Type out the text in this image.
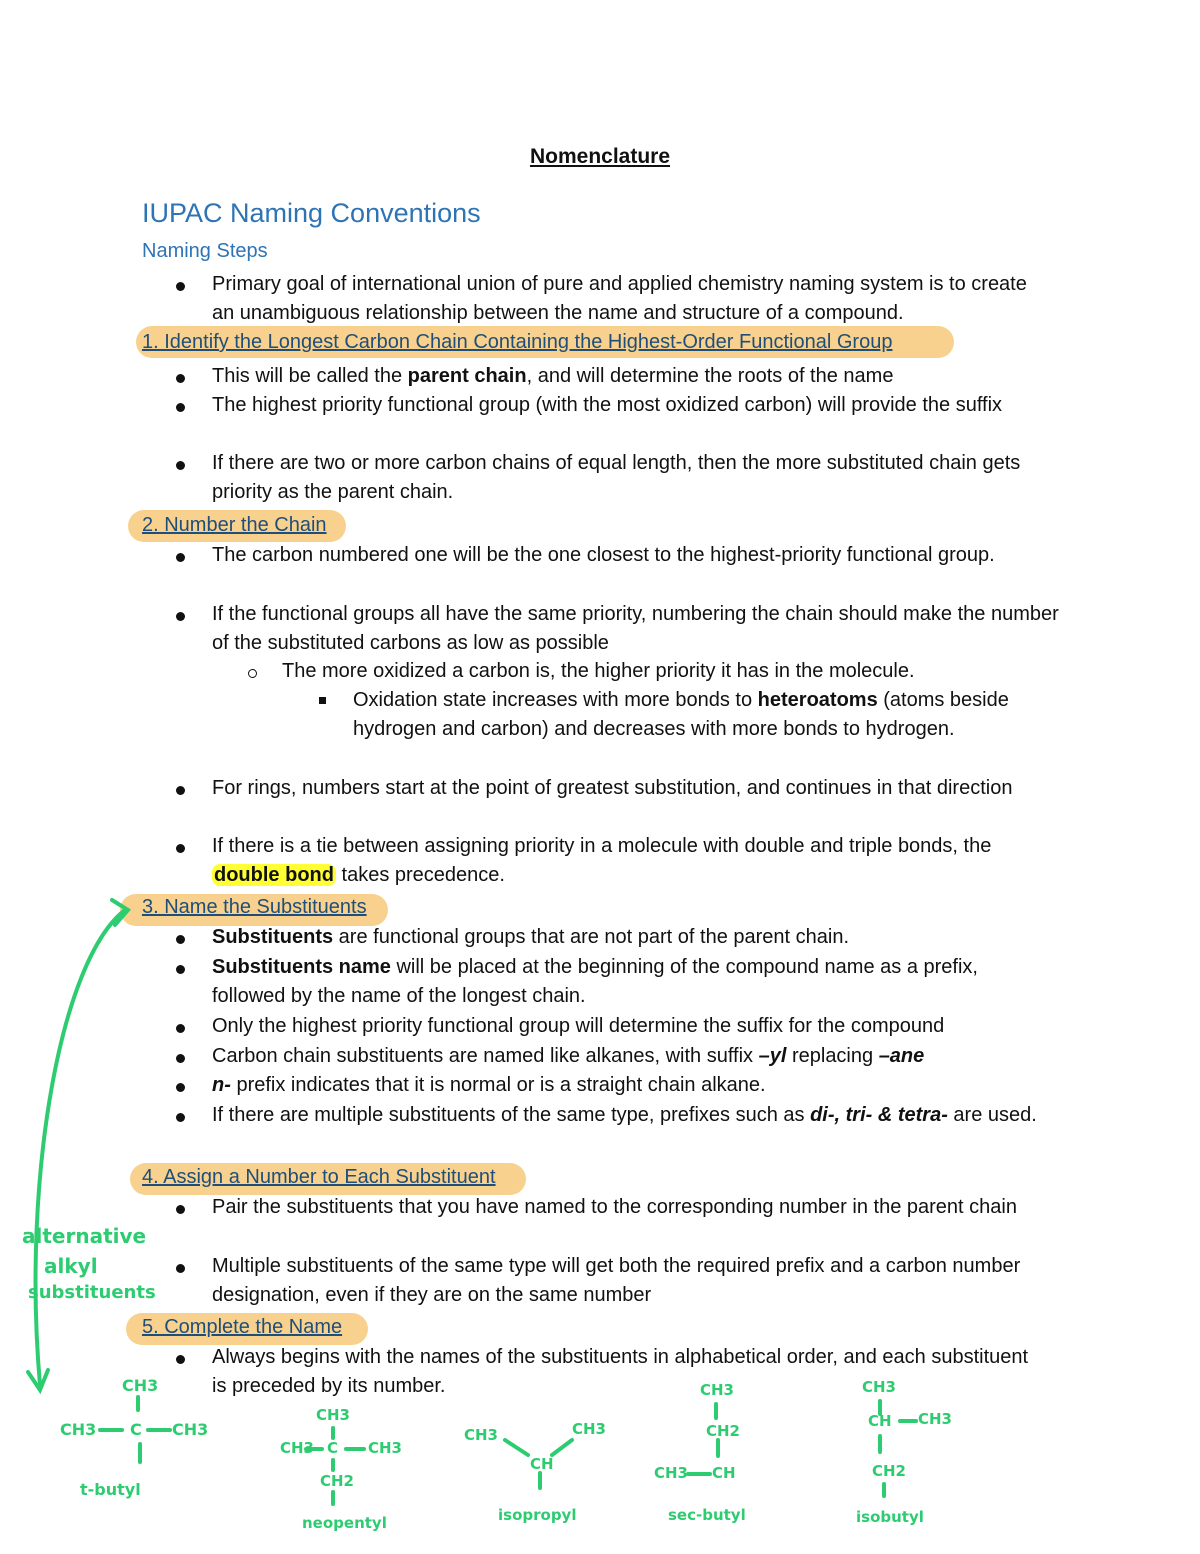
Nomenclature
IUPAC Naming Conventions
Naming Steps
Primary goal of international union of pure and applied chemistry naming system is to create an unambiguous relationship between the name and structure of a compound.
1. Identify the Longest Carbon Chain Containing the Highest-Order Functional Group
This will be called the parent chain, and will determine the roots of the name
The highest priority functional group (with the most oxidized carbon) will provide the suffix
If there are two or more carbon chains of equal length, then the more substituted chain gets priority as the parent chain.
2. Number the Chain
The carbon numbered one will be the one closest to the highest-priority functional group.
If the functional groups all have the same priority, numbering the chain should make the number of the substituted carbons as low as possible
The more oxidized a carbon is, the higher priority it has in the molecule.
Oxidation state increases with more bonds to heteroatoms (atoms beside hydrogen and carbon) and decreases with more bonds to hydrogen.
For rings, numbers start at the point of greatest substitution, and continues in that direction
If there is a tie between assigning priority in a molecule with double and triple bonds, the double bond takes precedence.
3. Name the Substituents
Substituents are functional groups that are not part of the parent chain.
Substituents name will be placed at the beginning of the compound name as a prefix, followed by the name of the longest chain.
Only the highest priority functional group will determine the suffix for the compound
Carbon chain substituents are named like alkanes, with suffix –yl replacing –ane
n- prefix indicates that it is normal or is a straight chain alkane.
If there are multiple substituents of the same type, prefixes such as di-, tri- & tetra- are used.
4. Assign a Number to Each Substituent
Pair the substituents that you have named to the corresponding number in the parent chain
Multiple substituents of the same type will get both the required prefix and a carbon number designation, even if they are on the same number
5. Complete the Name
Always begins with the names of the substituents in alphabetical order, and each substituent is preceded by its number.
alternative
alkyl
substituents
CH3
CH3 C CH3
t-butyl
CH3
CH3 C CH3
CH2
neopentyl
CH3	CH3
CH
isopropyl
CH3
CH2
CH3 CH
sec-butyl
CH3
CH CH3
CH2
isobutyl
